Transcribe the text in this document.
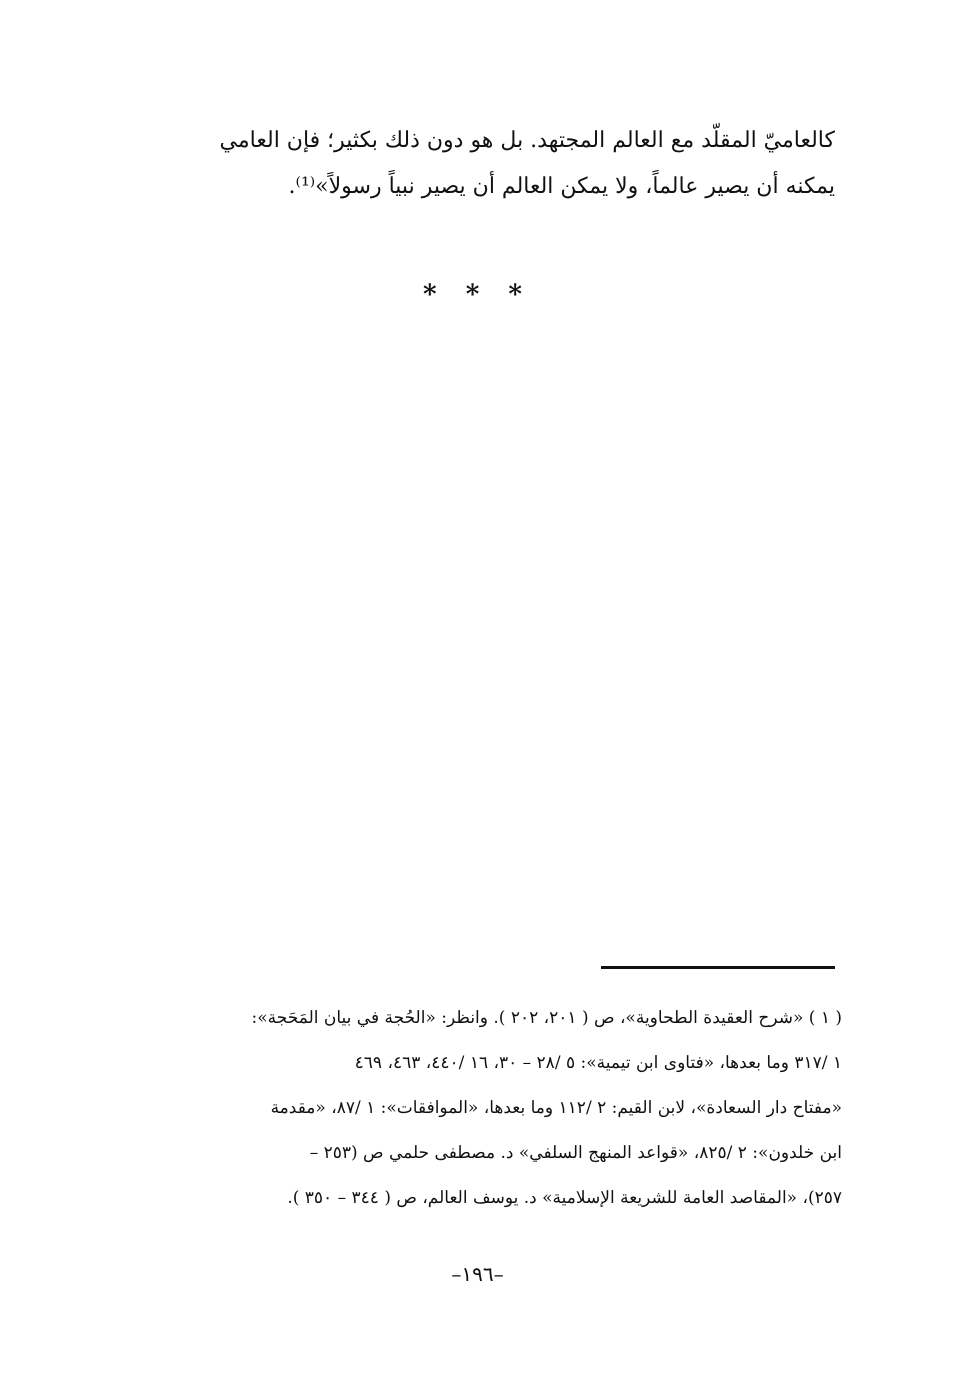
كالعاميّ المقلّد مع العالم المجتهد. بل هو دون ذلك بكثير؛ فإن العامي
يمكنه أن يصير عالماً، ولا يمكن العالم أن يصير نبياً رسولاً»⁽¹⁾.
* * *
( ١ ) «شرح العقيدة الطحاوية»، ص ( ٢٠١، ٢٠٢ ). وانظر: «الحُجة في بيان المَحَجة»:
١ /٣١٧ وما بعدها، «فتاوى ابن تيمية»: ٥ /٢٨ – ٣٠، ١٦ /٤٤٠، ٤٦٣، ٤٦٩
«مفتاح دار السعادة»، لابن القيم: ٢ /١١٢ وما بعدها، «الموافقات»: ١ /٨٧، «مقدمة
ابن خلدون»: ٢ /٨٢٥، «قواعد المنهج السلفي» د. مصطفى حلمي ص (٢٥٣ –
٢٥٧)، «المقاصد العامة للشريعة الإسلامية» د. يوسف العالم، ص ( ٣٤٤ – ٣٥٠ ).
–١٩٦–
